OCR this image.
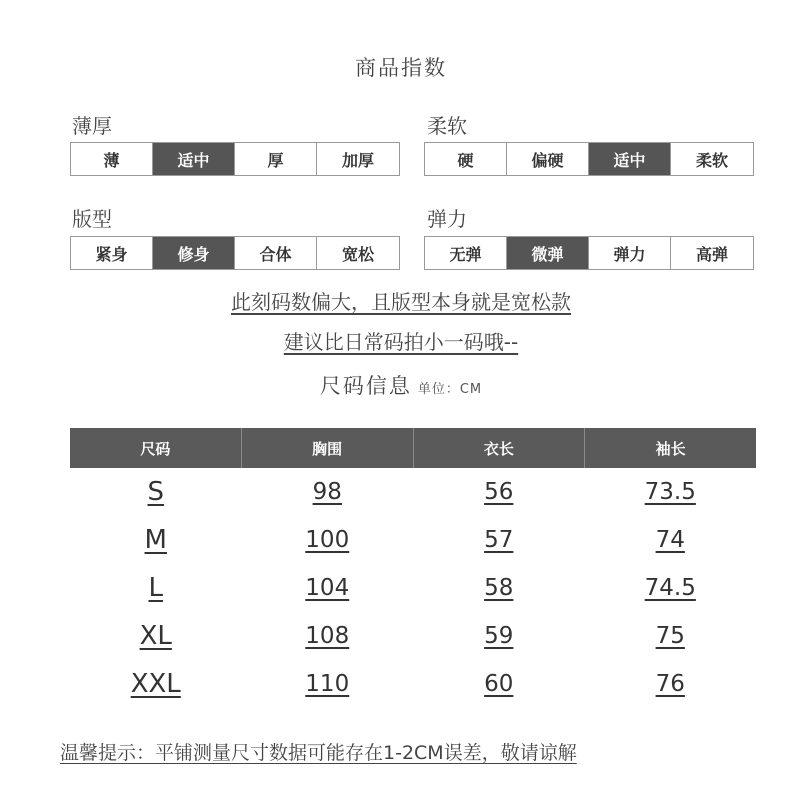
商品指数
薄厚
薄	适中	厚	加厚
柔软
硬	偏硬	适中	柔软
版型
紧身	修身	合体	宽松
弹力
无弹	微弹	弹力	高弹
此刻码数偏大，且版型本身就是宽松款
建议比日常码拍小一码哦--
尺码信息 单位：CM
尺码	胸围	衣长	袖长
S	98	56	73.5
M	100	57	74
L	104	58	74.5
XL	108	59	75
XXL	110	60	76
温馨提示：平铺测量尺寸数据可能存在1-2CM误差，敬请谅解
